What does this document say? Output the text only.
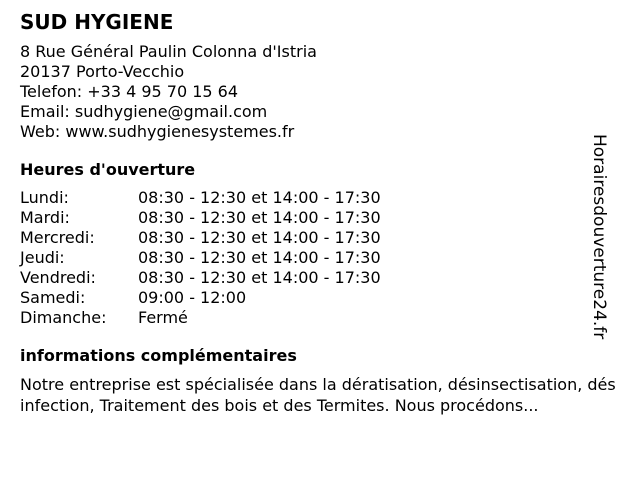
SUD HYGIENE
8 Rue Général Paulin Colonna d'Istria
20137 Porto-Vecchio
Telefon: +33 4 95 70 15 64
Email: sudhygiene@gmail.com
Web: www.sudhygienesystemes.fr
Heures d'ouverture
Lundi:	08:30 - 12:30 et 14:00 - 17:30
Mardi:	08:30 - 12:30 et 14:00 - 17:30
Mercredi:	08:30 - 12:30 et 14:00 - 17:30
Jeudi:	08:30 - 12:30 et 14:00 - 17:30
Vendredi:	08:30 - 12:30 et 14:00 - 17:30
Samedi:	09:00 - 12:00
Dimanche:	Fermé
informations complémentaires
Notre entreprise est spécialisée dans la dératisation, désinsectisation, désinfection, Traitement des bois et des Termites. Nous procédons...
Horairesdouverture24.fr
